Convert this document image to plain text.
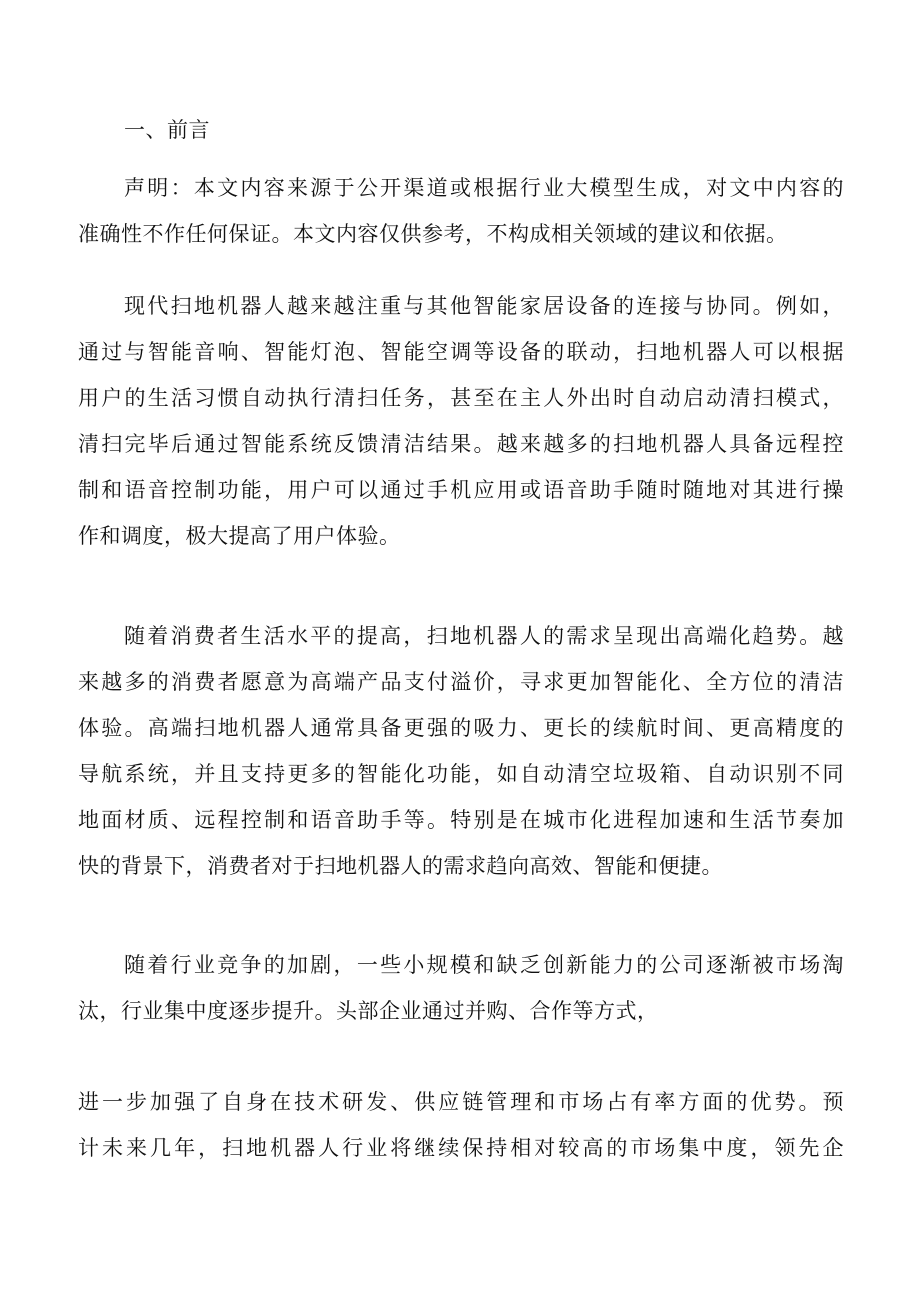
一、前言

声明：本文内容来源于公开渠道或根据行业大模型生成，对文中内容的
准确性不作任何保证。本文内容仅供参考，不构成相关领域的建议和依据。

现代扫地机器人越来越注重与其他智能家居设备的连接与协同。例如，
通过与智能音响、智能灯泡、智能空调等设备的联动，扫地机器人可以根据
用户的生活习惯自动执行清扫任务，甚至在主人外出时自动启动清扫模式，
清扫完毕后通过智能系统反馈清洁结果。越来越多的扫地机器人具备远程控
制和语音控制功能，用户可以通过手机应用或语音助手随时随地对其进行操
作和调度，极大提高了用户体验。

随着消费者生活水平的提高，扫地机器人的需求呈现出高端化趋势。越
来越多的消费者愿意为高端产品支付溢价，寻求更加智能化、全方位的清洁
体验。高端扫地机器人通常具备更强的吸力、更长的续航时间、更高精度的
导航系统，并且支持更多的智能化功能，如自动清空垃圾箱、自动识别不同
地面材质、远程控制和语音助手等。特别是在城市化进程加速和生活节奏加
快的背景下，消费者对于扫地机器人的需求趋向高效、智能和便捷。

随着行业竞争的加剧，一些小规模和缺乏创新能力的公司逐渐被市场淘
汰，行业集中度逐步提升。头部企业通过并购、合作等方式，

进一步加强了自身在技术研发、供应链管理和市场占有率方面的优势。预
计未来几年，扫地机器人行业将继续保持相对较高的市场集中度，领先企
